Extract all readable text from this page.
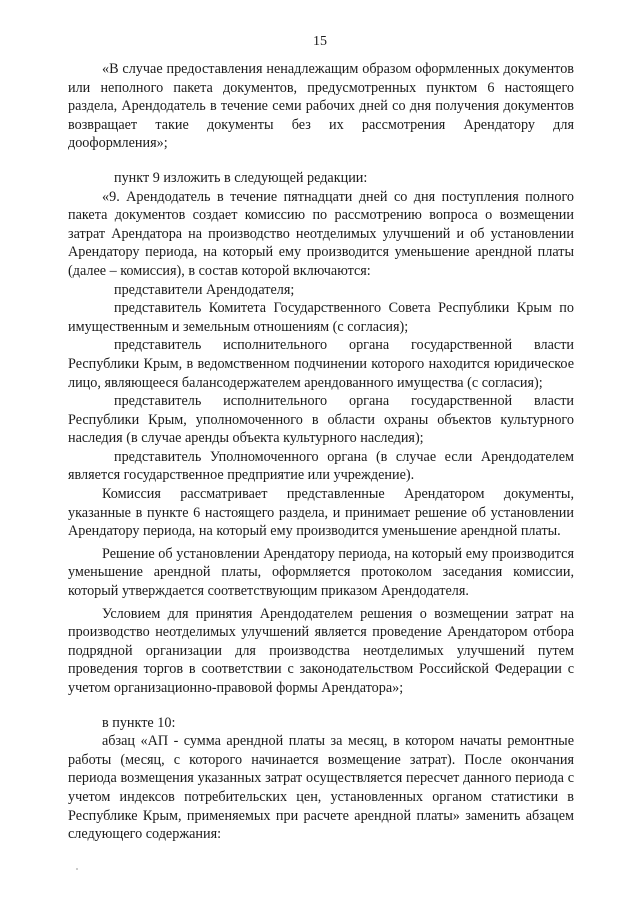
15

«В случае предоставления ненадлежащим образом оформленных документов или неполного пакета документов, предусмотренных пунктом 6 настоящего раздела, Арендодатель в течение семи рабочих дней со дня получения документов возвращает такие документы без их рассмотрения Арендатору для дооформления»;

пункт 9 изложить в следующей редакции:

«9. Арендодатель в течение пятнадцати дней со дня поступления полного пакета документов создает комиссию по рассмотрению вопроса о возмещении затрат Арендатора на производство неотделимых улучшений и об установлении Арендатору периода, на который ему производится уменьшение арендной платы (далее – комиссия), в состав которой включаются:

представители Арендодателя;

представитель Комитета Государственного Совета Республики Крым по имущественным и земельным отношениям (с согласия);

представитель исполнительного органа государственной власти Республики Крым, в ведомственном подчинении которого находится юридическое лицо, являющееся балансодержателем арендованного имущества (с согласия);

представитель исполнительного органа государственной власти Республики Крым, уполномоченного в области охраны объектов культурного наследия (в случае аренды объекта культурного наследия);

представитель Уполномоченного органа (в случае если Арендодателем является государственное предприятие или учреждение).

Комиссия рассматривает представленные Арендатором документы, указанные в пункте 6 настоящего раздела, и принимает решение об установлении Арендатору периода, на который ему производится уменьшение арендной платы.

Решение об установлении Арендатору периода, на который ему производится уменьшение арендной платы, оформляется протоколом заседания комиссии, который утверждается соответствующим приказом Арендодателя.

Условием для принятия Арендодателем решения о возмещении затрат на производство неотделимых улучшений является проведение Арендатором отбора подрядной организации для производства неотделимых улучшений путем проведения торгов в соответствии с законодательством Российской Федерации с учетом организационно-правовой формы Арендатора»;

в пункте 10:

абзац «АП - сумма арендной платы за месяц, в котором начаты ремонтные работы (месяц, с которого начинается возмещение затрат). После окончания периода возмещения указанных затрат осуществляется пересчет данного периода с учетом индексов потребительских цен, установленных органом статистики в Республике Крым, применяемых при расчете арендной платы» заменить абзацем следующего содержания:
